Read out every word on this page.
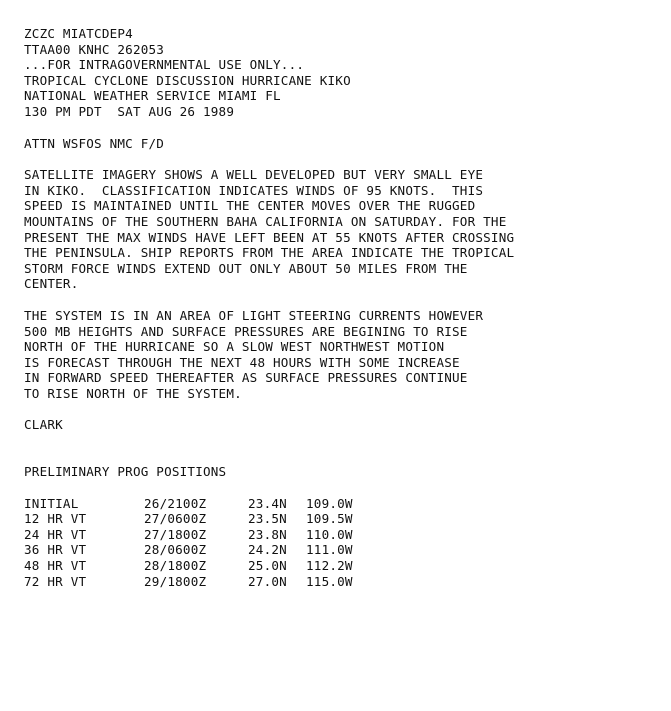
ZCZC MIATCDEP4
TTAA00 KNHC 262053
...FOR INTRAGOVERNMENTAL USE ONLY...
TROPICAL CYCLONE DISCUSSION HURRICANE KIKO
NATIONAL WEATHER SERVICE MIAMI FL
130 PM PDT  SAT AUG 26 1989
ATTN WSFOS NMC F/D
SATELLITE IMAGERY SHOWS A WELL DEVELOPED BUT VERY SMALL EYE
IN KIKO.  CLASSIFICATION INDICATES WINDS OF 95 KNOTS.  THIS
SPEED IS MAINTAINED UNTIL THE CENTER MOVES OVER THE RUGGED
MOUNTAINS OF THE SOUTHERN BAHA CALIFORNIA ON SATURDAY. FOR THE
PRESENT THE MAX WINDS HAVE LEFT BEEN AT 55 KNOTS AFTER CROSSING
THE PENINSULA. SHIP REPORTS FROM THE AREA INDICATE THE TROPICAL
STORM FORCE WINDS EXTEND OUT ONLY ABOUT 50 MILES FROM THE
CENTER.
THE SYSTEM IS IN AN AREA OF LIGHT STEERING CURRENTS HOWEVER
500 MB HEIGHTS AND SURFACE PRESSURES ARE BEGINING TO RISE
NORTH OF THE HURRICANE SO A SLOW WEST NORTHWEST MOTION
IS FORECAST THROUGH THE NEXT 48 HOURS WITH SOME INCREASE
IN FORWARD SPEED THEREAFTER AS SURFACE PRESSURES CONTINUE
TO RISE NORTH OF THE SYSTEM.
CLARK
PRELIMINARY PROG POSITIONS
INITIAL	26/2100Z	23.4N	109.0W
12 HR VT	27/0600Z	23.5N	109.5W
24 HR VT	27/1800Z	23.8N	110.0W
36 HR VT	28/0600Z	24.2N	111.0W
48 HR VT	28/1800Z	25.0N	112.2W
72 HR VT	29/1800Z	27.0N	115.0W
